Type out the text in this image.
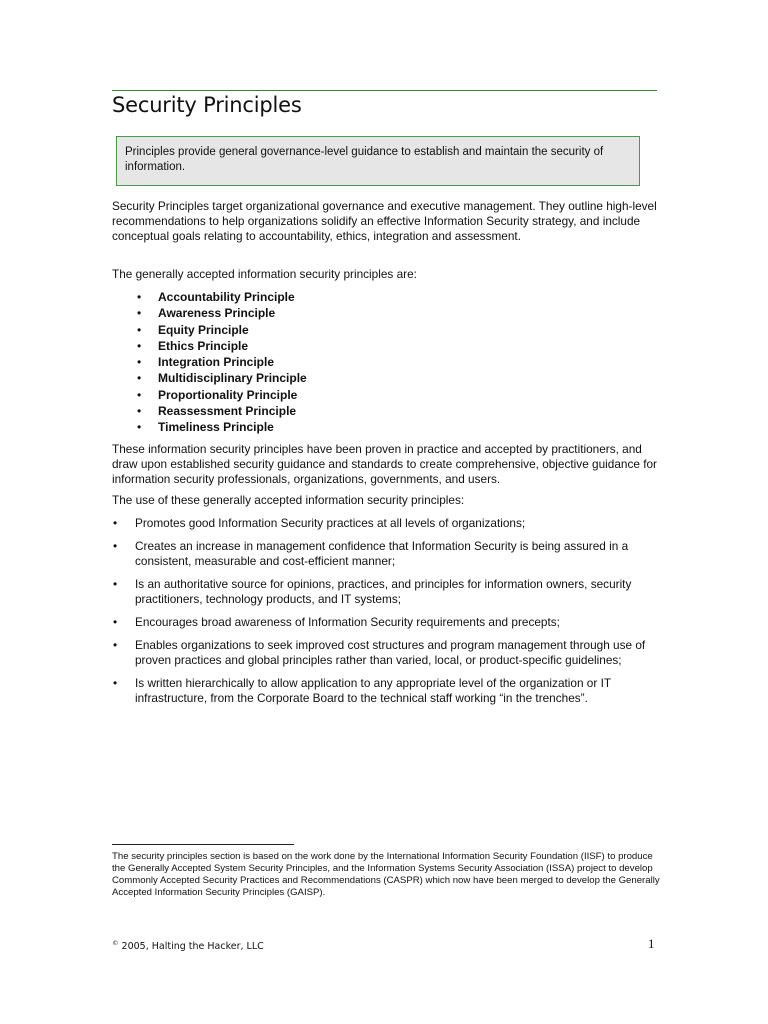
Security Principles
Principles provide general governance-level guidance to establish and maintain the security of information.
Security Principles target organizational governance and executive management. They outline high-level recommendations to help organizations solidify an effective Information Security strategy, and include conceptual goals relating to accountability, ethics, integration and assessment.
The generally accepted information security principles are:
• Accountability Principle
• Awareness Principle
• Equity Principle
• Ethics Principle
• Integration Principle
• Multidisciplinary Principle
• Proportionality Principle
• Reassessment Principle
• Timeliness Principle
These information security principles have been proven in practice and accepted by practitioners, and draw upon established security guidance and standards to create comprehensive, objective guidance for information security professionals, organizations, governments, and users.
The use of these generally accepted information security principles:
• Promotes good Information Security practices at all levels of organizations;
• Creates an increase in management confidence that Information Security is being assured in a consistent, measurable and cost-efficient manner;
• Is an authoritative source for opinions, practices, and principles for information owners, security practitioners, technology products, and IT systems;
• Encourages broad awareness of Information Security requirements and precepts;
• Enables organizations to seek improved cost structures and program management through use of proven practices and global principles rather than varied, local, or product-specific guidelines;
• Is written hierarchically to allow application to any appropriate level of the organization or IT infrastructure, from the Corporate Board to the technical staff working “in the trenches”.
The security principles section is based on the work done by the International Information Security Foundation (IISF) to produce the Generally Accepted System Security Principles, and the Information Systems Security Association (ISSA) project to develop Commonly Accepted Security Practices and Recommendations (CASPR) which now have been merged to develop the Generally Accepted Information Security Principles (GAISP).
© 2005, Halting the Hacker, LLC	1
